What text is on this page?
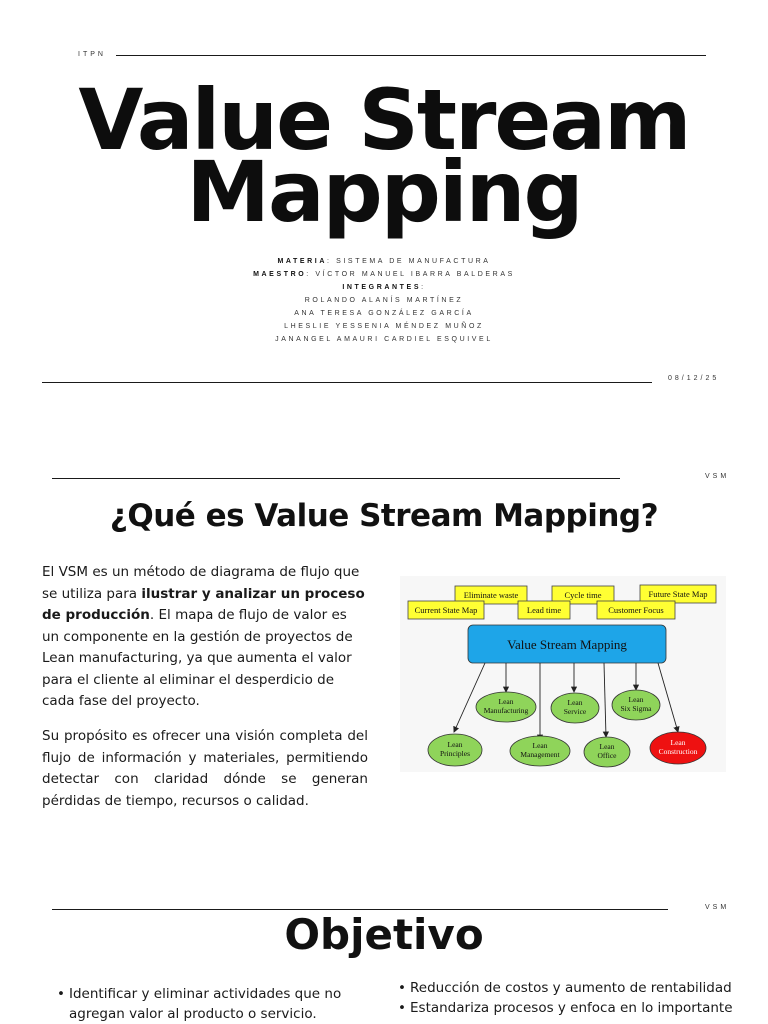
ITPN
Value Stream
Mapping
MATERIA: SISTEMA DE MANUFACTURA
MAESTRO: VÍCTOR MANUEL IBARRA BALDERAS
INTEGRANTES:
ROLANDO ALANÍS MARTÍNEZ
ANA TERESA GONZÁLEZ GARCÍA
LHESLIE YESSENIA MÉNDEZ MUÑOZ
JANANGEL AMAURI CARDIEL ESQUIVEL
08/12/25
VSM
¿Qué es Value Stream Mapping?
El VSM es un método de diagrama de flujo que se utiliza para ilustrar y analizar un proceso de producción. El mapa de flujo de valor es un componente en la gestión de proyectos de Lean manufacturing, ya que aumenta el valor para el cliente al eliminar el desperdicio de cada fase del proyecto.
Su propósito es ofrecer una visión completa del flujo de información y materiales, permitiendo detectar con claridad dónde se generan pérdidas de tiempo, recursos o calidad.
Eliminate waste	Cycle time	Future State Map
Current State Map	Lead time	Customer Focus
Value Stream Mapping
Lean
Manufacturing
Lean
Service
Lean
Six Sigma
Lean
Principles
Lean
Management
Lean
Office
Lean
Construction
VSM
Objetivo
• Identificar y eliminar actividades que no agregan valor al producto o servicio.
• Reducción de costos y aumento de rentabilidad
• Estandariza procesos y enfoca en lo importante
